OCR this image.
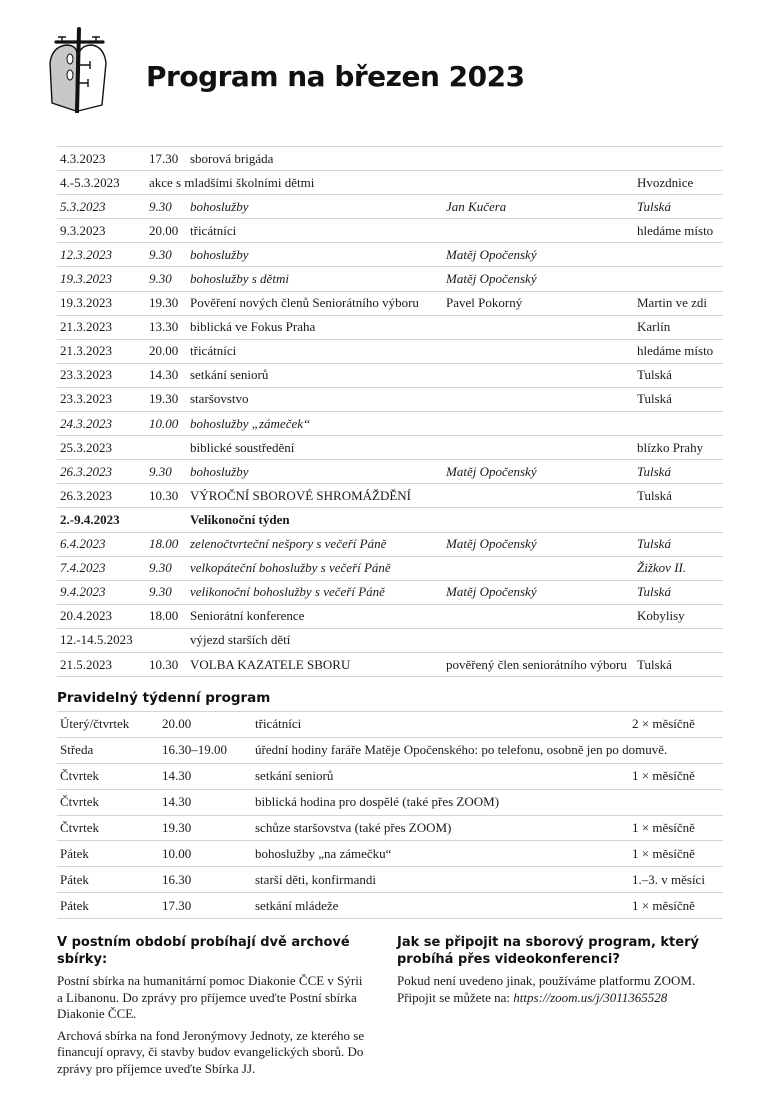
Program na březen 2023
4.3.2023	17.30	sborová brigáda		
4.-5.3.2023	akce s mladšími školními dětmi			Hvozdnice
5.3.2023	9.30	bohoslužby	Jan Kučera	Tulská
9.3.2023	20.00	třicátníci		hledáme místo
12.3.2023	9.30	bohoslužby	Matěj Opočenský	
19.3.2023	9.30	bohoslužby s dětmi	Matěj Opočenský	
19.3.2023	19.30	Pověření nových členů Seniorátního výboru	Pavel Pokorný	Martin ve zdi
21.3.2023	13.30	biblická ve Fokus Praha		Karlín
21.3.2023	20.00	třicátníci		hledáme místo
23.3.2023	14.30	setkání seniorů		Tulská
23.3.2023	19.30	staršovstvo		Tulská
24.3.2023	10.00	bohoslužby „zámeček“		
25.3.2023		biblické soustředění		blízko Prahy
26.3.2023	9.30	bohoslužby	Matěj Opočenský	Tulská
26.3.2023	10.30	VÝROČNÍ SBOROVÉ SHROMÁŽDĚNÍ		Tulská
2.-9.4.2023		Velikonoční týden		
6.4.2023	18.00	zelenočtvrteční nešpory s večeří Páně	Matěj Opočenský	Tulská
7.4.2023	9.30	velkopáteční bohoslužby s večeří Páně		Žižkov II.
9.4.2023	9.30	velikonoční bohoslužby s večeří Páně	Matěj Opočenský	Tulská
20.4.2023	18.00	Seniorátní konference		Kobylisy
12.-14.5.2023		výjezd starších dětí		
21.5.2023	10.30	VOLBA KAZATELE SBORU	pověřený člen seniorátního výboru	Tulská
Pravidelný týdenní program
Úterý/čtvrtek	20.00	třicátníci	2 × měsíčně
Středa	16.30–19.00	úřední hodiny faráře Matěje Opočenského: po telefonu, osobně jen po domuvě.	
Čtvrtek	14.30	setkání seniorů	1 × měsíčně
Čtvrtek	14.30	biblická hodina pro dospělé (také přes ZOOM)	
Čtvrtek	19.30	schůze staršovstva (také přes ZOOM)	1 × měsíčně
Pátek	10.00	bohoslužby „na zámečku“	1 × měsíčně
Pátek	16.30	starší děti, konfirmandi	1.–3. v měsíci
Pátek	17.30	setkání mládeže	1 × měsíčně
V postním období probíhají dvě archové sbírky:

Postní sbírka na humanitární pomoc Diakonie ČCE v Sýrii a Libanonu. Do zprávy pro příjemce uveďte Postní sbírka Diakonie ČCE.

Archová sbírka na fond Jeronýmovy Jednoty, ze kterého se financují opravy, či stavby budov evangelických sborů. Do zprávy pro příjemce uveďte Sbírka JJ.

Jak se připojit na sborový program, který probíhá přes videokonferenci?

Pokud není uvedeno jinak, používáme platformu ZOOM.
Připojit se můžete na: https://zoom.us/j/3011365528
